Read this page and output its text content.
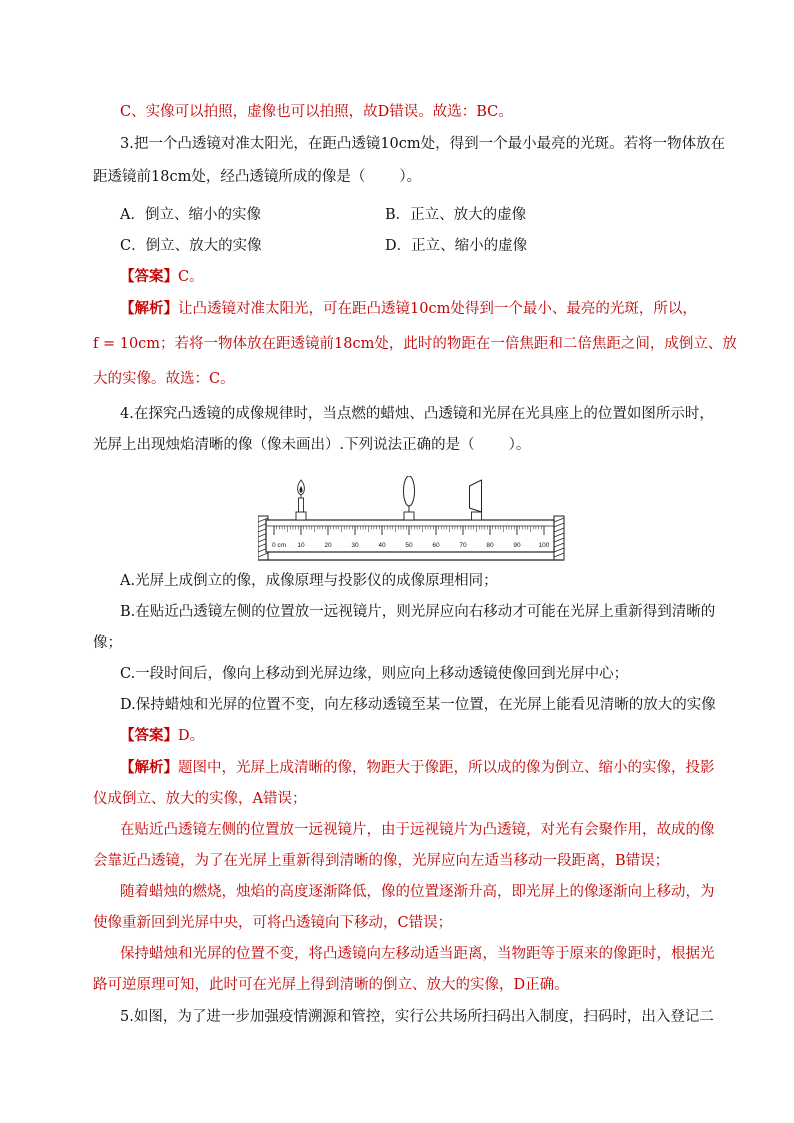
C、实像可以拍照，虚像也可以拍照，故D错误。故选：BC。
3.把一个凸透镜对准太阳光，在距凸透镜10cm处，得到一个最小最亮的光斑。若将一物体放在
距透镜前18cm处，经凸透镜所成的像是（ ）。
A．倒立、缩小的实像	B．正立、放大的虚像
C．倒立、放大的实像	D．正立、缩小的虚像
【答案】C。
【解析】让凸透镜对准太阳光，可在距凸透镜10cm处得到一个最小、最亮的光斑，所以，
f = 10cm；若将一物体放在距透镜前18cm处，此时的物距在一倍焦距和二倍焦距之间，成倒立、放
大的实像。故选：C。
4.在探究凸透镜的成像规律时，当点燃的蜡烛、凸透镜和光屏在光具座上的位置如图所示时，
光屏上出现烛焰清晰的像（像未画出）.下列说法正确的是（ ）。
0 cm 10	20	30	40	50	60	70	80	90	100
A.光屏上成倒立的像，成像原理与投影仪的成像原理相同；
B.在贴近凸透镜左侧的位置放一远视镜片，则光屏应向右移动才可能在光屏上重新得到清晰的
像；
C.一段时间后，像向上移动到光屏边缘，则应向上移动透镜使像回到光屏中心；
D.保持蜡烛和光屏的位置不变，向左移动透镜至某一位置，在光屏上能看见清晰的放大的实像
【答案】D。
【解析】题图中，光屏上成清晰的像，物距大于像距，所以成的像为倒立、缩小的实像，投影
仪成倒立、放大的实像，A错误；
在贴近凸透镜左侧的位置放一远视镜片，由于远视镜片为凸透镜，对光有会聚作用，故成的像
会靠近凸透镜，为了在光屏上重新得到清晰的像，光屏应向左适当移动一段距离，B错误；
随着蜡烛的燃烧，烛焰的高度逐渐降低，像的位置逐渐升高，即光屏上的像逐渐向上移动，为
使像重新回到光屏中央，可将凸透镜向下移动，C错误；
保持蜡烛和光屏的位置不变，将凸透镜向左移动适当距离，当物距等于原来的像距时，根据光
路可逆原理可知，此时可在光屏上得到清晰的倒立、放大的实像，D正确。
5.如图，为了进一步加强疫情溯源和管控，实行公共场所扫码出入制度，扫码时，出入登记二
